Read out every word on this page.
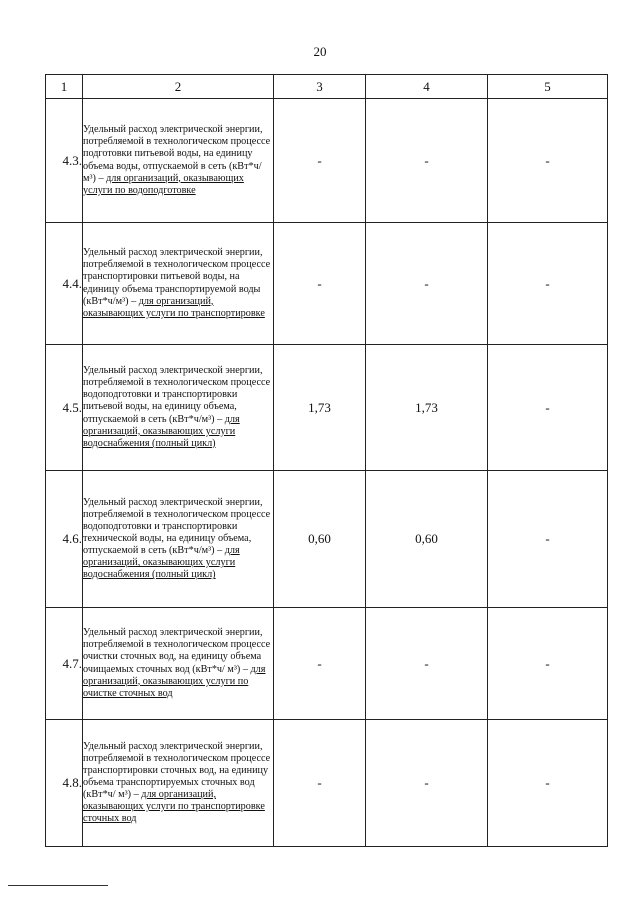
20
1	2	3	4	5
4.3.	Удельный расход электрической энергии, потребляемой в технологическом процессе подготовки питьевой воды, на единицу объема воды, отпускаемой в сеть (кВт*ч/м³) – для организаций, оказывающих услуги по водоподготовке	-	-	-
4.4.	Удельный расход электрической энергии, потребляемой в технологическом процессе транспортировки питьевой воды, на единицу объема транспортируемой воды (кВт*ч/м³) – для организаций, оказывающих услуги по транспортировке	-	-	-
4.5.	Удельный расход электрической энергии, потребляемой в технологическом процессе водоподготовки и транспортировки питьевой воды, на единицу объема, отпускаемой в сеть (кВт*ч/м³) – для организаций, оказывающих услуги водоснабжения (полный цикл)	1,73	1,73	-
4.6.	Удельный расход электрической энергии, потребляемой в технологическом процессе водоподготовки и транспортировки технической воды, на единицу объема, отпускаемой в сеть (кВт*ч/м³) – для организаций, оказывающих услуги водоснабжения (полный цикл)	0,60	0,60	-
4.7.	Удельный расход электрической энергии, потребляемой в технологическом процессе очистки сточных вод, на единицу объема очищаемых сточных вод (кВт*ч/ м³) – для организаций, оказывающих услуги по очистке сточных вод	-	-	-
4.8.	Удельный расход электрической энергии, потребляемой в технологическом процессе транспортировки сточных вод, на единицу объема транспортируемых сточных вод (кВт*ч/ м³) – для организаций, оказывающих услуги по транспортировке сточных вод	-	-	-
